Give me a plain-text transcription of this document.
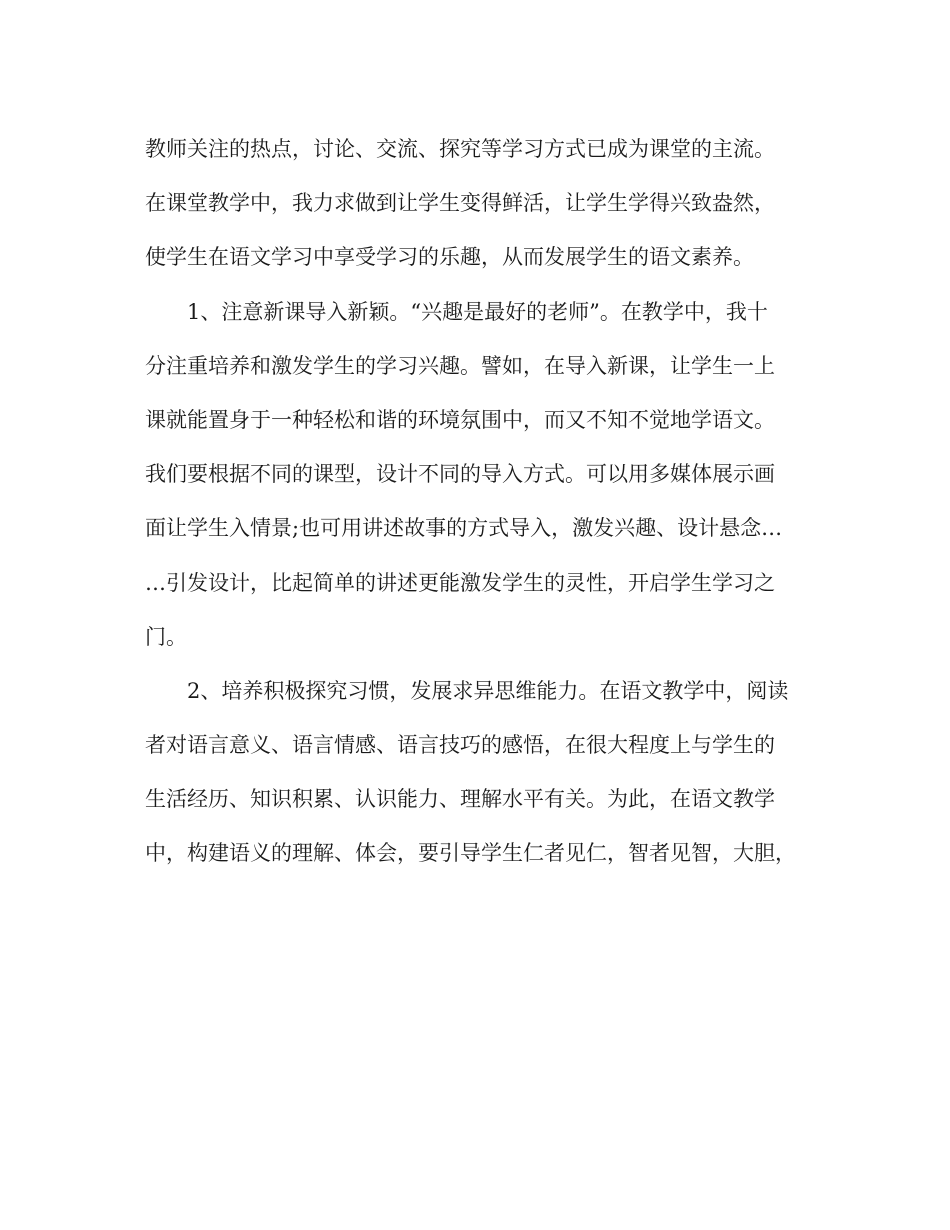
教师关注的热点，讨论、交流、探究等学习方式已成为课堂的主流。
在课堂教学中，我力求做到让学生变得鲜活，让学生学得兴致盎然，
使学生在语文学习中享受学习的乐趣，从而发展学生的语文素养。
1、注意新课导入新颖。“兴趣是最好的老师”。在教学中，我十
分注重培养和激发学生的学习兴趣。譬如，在导入新课，让学生一上
课就能置身于一种轻松和谐的环境氛围中，而又不知不觉地学语文。
我们要根据不同的课型，设计不同的导入方式。可以用多媒体展示画
面让学生入情景;也可用讲述故事的方式导入，激发兴趣、设计悬念…
…引发设计，比起简单的讲述更能激发学生的灵性，开启学生学习之
门。
2、培养积极探究习惯，发展求异思维能力。在语文教学中，阅读
者对语言意义、语言情感、语言技巧的感悟，在很大程度上与学生的
生活经历、知识积累、认识能力、理解水平有关。为此，在语文教学
中，构建语义的理解、体会，要引导学生仁者见仁，智者见智，大胆，
